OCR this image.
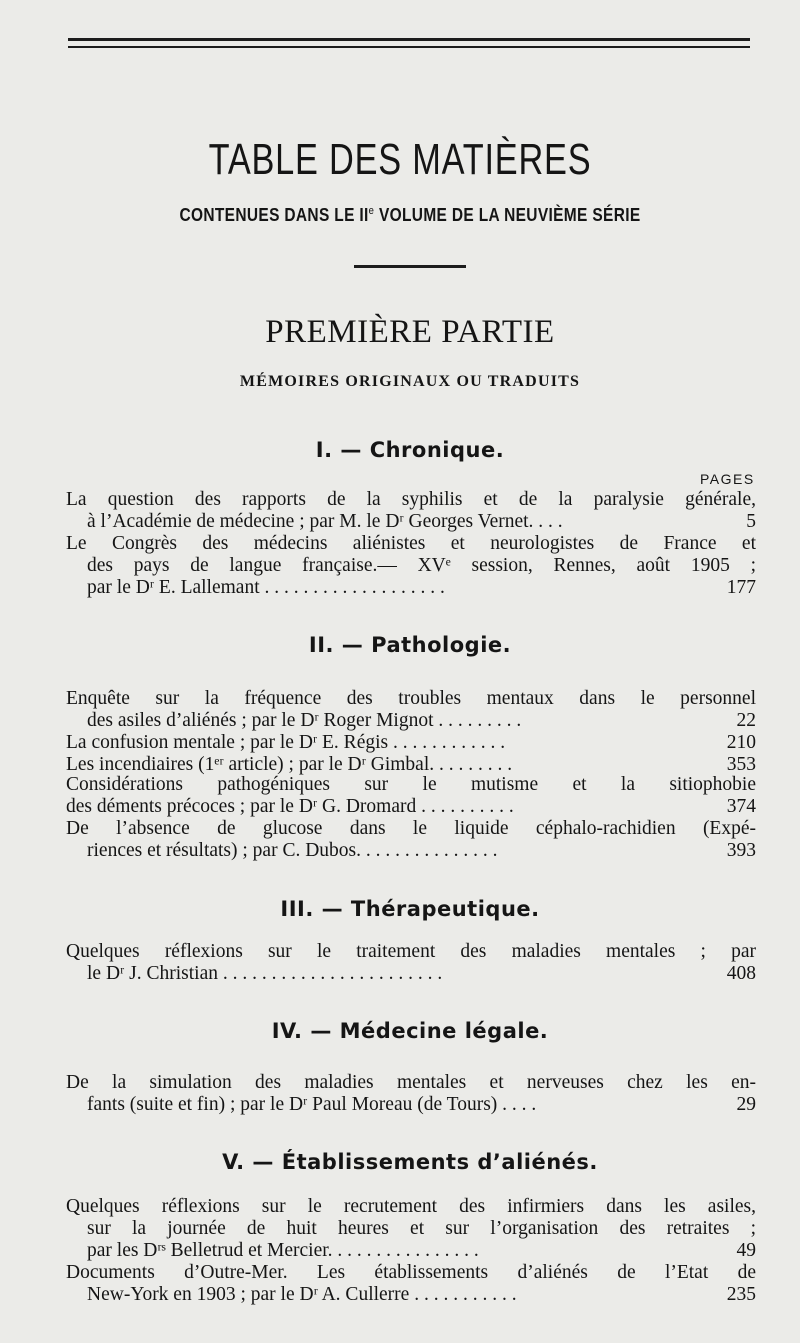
TABLE DES MATIÈRES
CONTENUES DANS LE IIe VOLUME DE LA NEUVIÈME SÉRIE
PREMIÈRE PARTIE
MÉMOIRES ORIGINAUX OU TRADUITS
I. — Chronique.
PAGES
La question des rapports de la syphilis et de la paralysie générale,
à l’Académie de médecine ; par M. le Dʳ Georges Vernet. . . .	5
Le Congrès des médecins aliénistes et neurologistes de France et
des pays de langue française.— XVᵉ session, Rennes, août 1905 ;
par le Dʳ E. Lallemant . . . . . . . . . . . . . . . . . . .	177
II. — Pathologie.
Enquête sur la fréquence des troubles mentaux dans le personnel
des asiles d’aliénés ; par le Dʳ Roger Mignot . . . . . . . . .	22
La confusion mentale ; par le Dʳ E. Régis . . . . . . . . . . . .	210
Les incendiaires (1ᵉʳ article) ; par le Dʳ Gimbal. . . . . . . . .	353
Considérations pathogéniques sur le mutisme et la sitiophobie
des déments précoces ; par le Dʳ G. Dromard . . . . . . . . . .	374
De l’absence de glucose dans le liquide céphalo-rachidien (Expé-
riences et résultats) ; par C. Dubos. . . . . . . . . . . . . . .	393
III. — Thérapeutique.
Quelques réflexions sur le traitement des maladies mentales ; par
le Dʳ J. Christian . . . . . . . . . . . . . . . . . . . . . . .	408
IV. — Médecine légale.
De la simulation des maladies mentales et nerveuses chez les en-
fants (suite et fin) ; par le Dʳ Paul Moreau (de Tours) . . . .	29
V. — Établissements d’aliénés.
Quelques réflexions sur le recrutement des infirmiers dans les asiles,
sur la journée de huit heures et sur l’organisation des retraites ;
par les Dʳˢ Belletrud et Mercier. . . . . . . . . . . . . . . .	49
Documents d’Outre-Mer. Les établissements d’aliénés de l’Etat de
New-York en 1903 ; par le Dʳ A. Cullerre . . . . . . . . . . .	235
